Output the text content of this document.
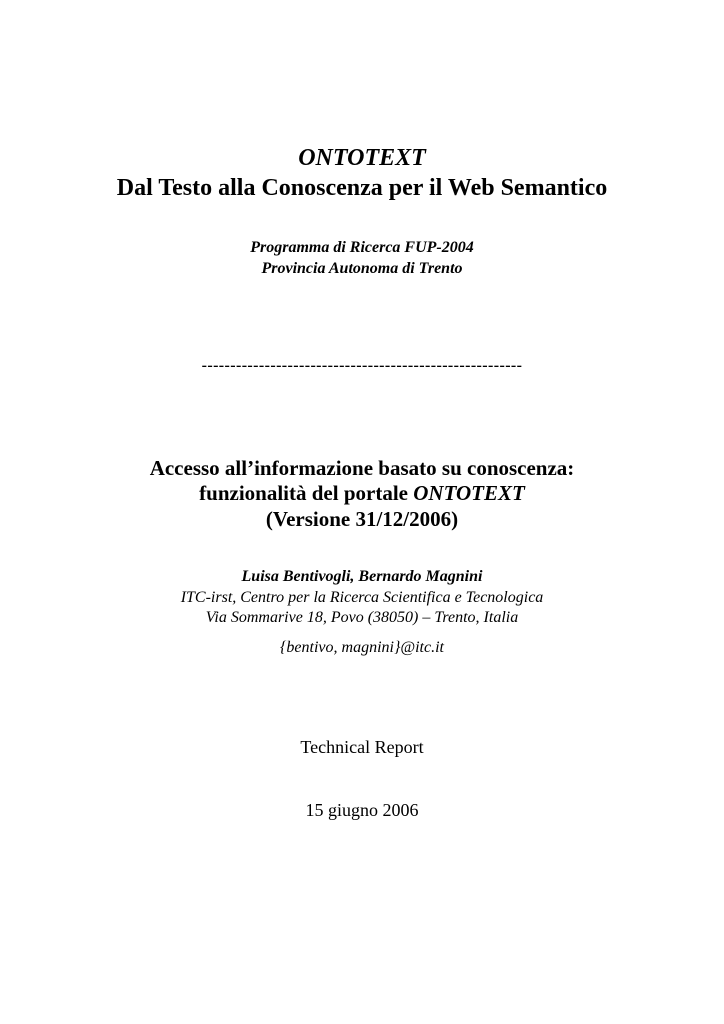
ONTOTEXT
Dal Testo alla Conoscenza per il Web Semantico
Programma di Ricerca FUP-2004
Provincia Autonoma di Trento
--------------------------------------------------------
Accesso all’informazione basato su conoscenza:
funzionalità del portale ONTOTEXT
(Versione 31/12/2006)
Luisa Bentivogli, Bernardo Magnini
ITC-irst, Centro per la Ricerca Scientifica e Tecnologica
Via Sommarive 18, Povo (38050) – Trento, Italia
{bentivo, magnini}@itc.it
Technical Report
15 giugno 2006
